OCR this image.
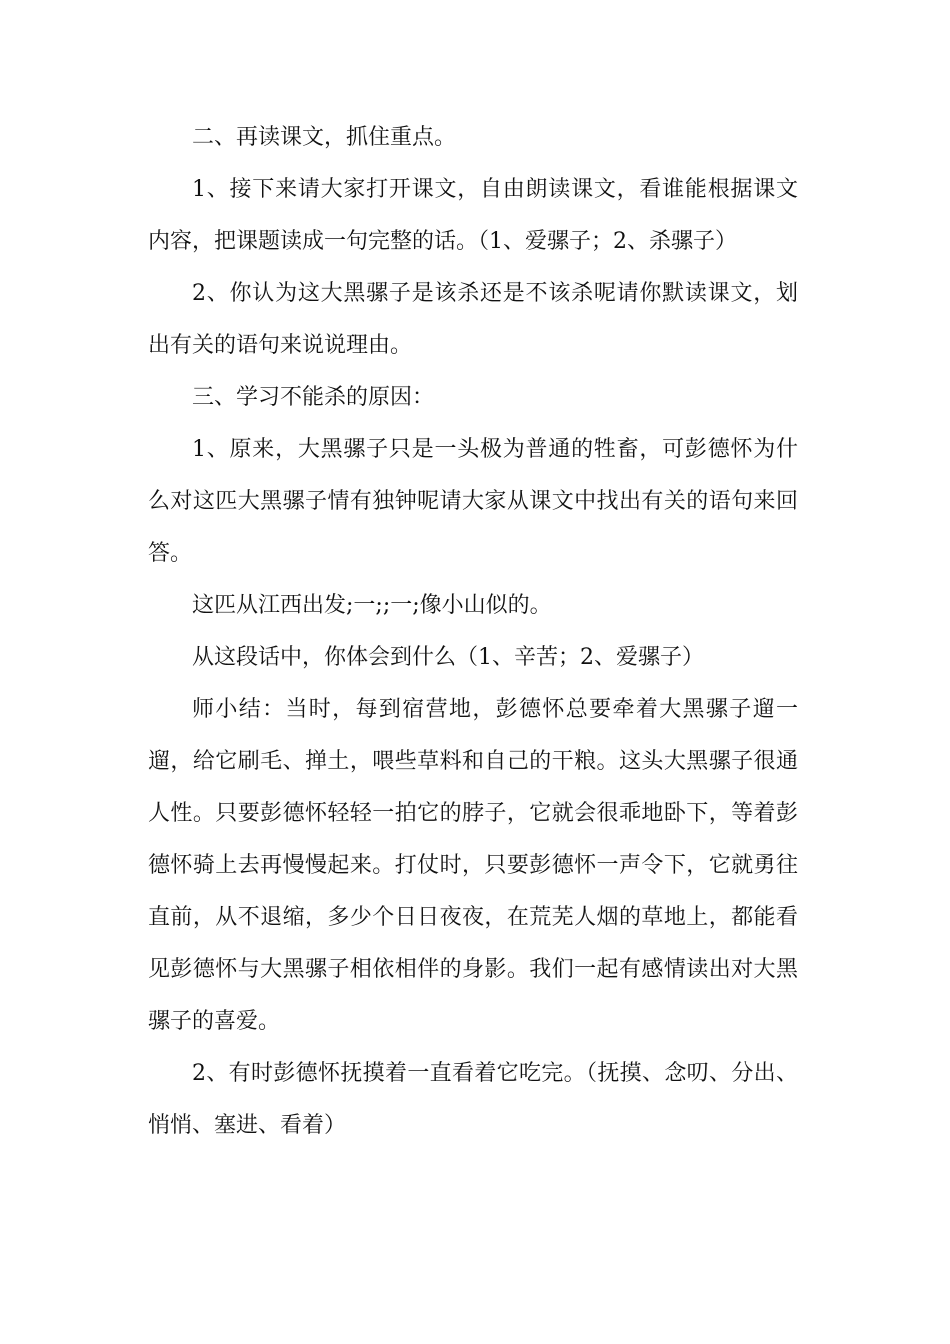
二、再读课文，抓住重点。

1、接下来请大家打开课文，自由朗读课文，看谁能根据课文内容，把课题读成一句完整的话。（1、爱骡子；2、杀骡子）

2、你认为这大黑骡子是该杀还是不该杀呢请你默读课文，划出有关的语句来说说理由。

三、学习不能杀的原因：

1、原来，大黑骡子只是一头极为普通的牲畜，可彭德怀为什么对这匹大黑骡子情有独钟呢请大家从课文中找出有关的语句来回答。

这匹从江西出发;一;;一;像小山似的。

从这段话中，你体会到什么（1、辛苦；2、爱骡子）

师小结：当时，每到宿营地，彭德怀总要牵着大黑骡子遛一遛，给它刷毛、掸土，喂些草料和自己的干粮。这头大黑骡子很通人性。只要彭德怀轻轻一拍它的脖子，它就会很乖地卧下，等着彭德怀骑上去再慢慢起来。打仗时，只要彭德怀一声令下，它就勇往直前，从不退缩，多少个日日夜夜，在荒芜人烟的草地上，都能看见彭德怀与大黑骡子相依相伴的身影。我们一起有感情读出对大黑骡子的喜爱。

2、有时彭德怀抚摸着一直看着它吃完。（抚摸、念叨、分出、悄悄、塞进、看着）
